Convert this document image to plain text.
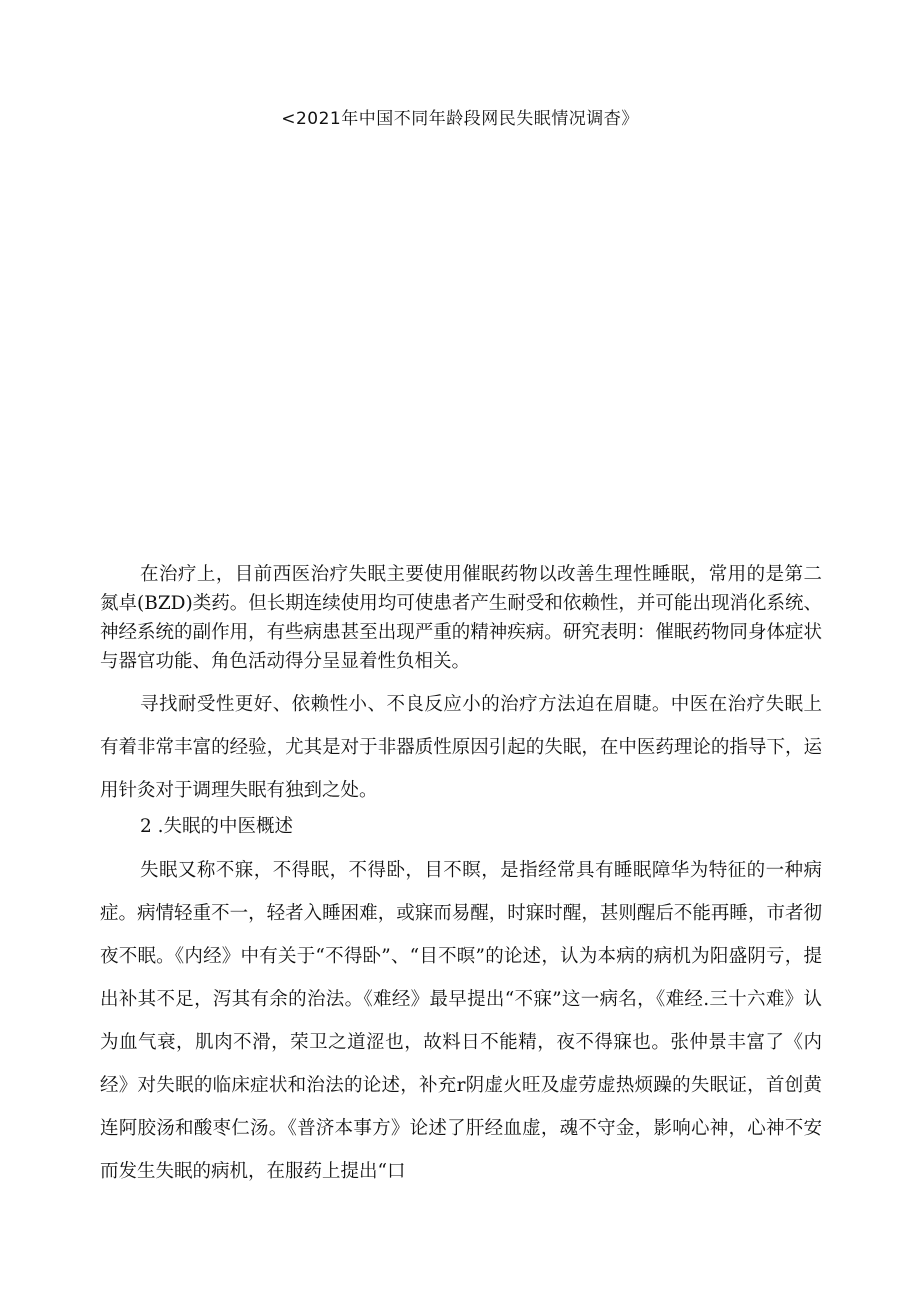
<2021年中国不同年龄段网民失眠情况调杳》

在治疗上，目前西医治疗失眠主要使用催眠药物以改善生理性睡眠，常用的是第二氮卓(BZD)类药。但长期连续使用均可使患者产生耐受和依赖性，并可能出现消化系统、神经系统的副作用，有些病患甚至出现严重的精神疾病。研究表明：催眠药物同身体症状与器官功能、角色活动得分呈显着性负相关。

寻找耐受性更好、依赖性小、不良反应小的治疗方法迫在眉睫。中医在治疗失眠上有着非常丰富的经验，尤其是对于非器质性原因引起的失眠，在中医药理论的指导下，运用针灸对于调理失眠有独到之处。

2 .失眠的中医概述

失眠又称不寐，不得眠，不得卧，目不瞑，是指经常具有睡眠障华为特征的一种病症。病情轻重不一，轻者入睡困难，或寐而易醒，时寐时醒，甚则醒后不能再睡，市者彻夜不眠。《内经》中有关于“不得卧”、“目不暝”的论述，认为本病的病机为阳盛阴亏，提出补其不足，泻其有余的治法。《难经》最早提出“不寐”这一病名，《难经.三十六难》认为血气衰，肌肉不滑，荣卫之道涩也，故料日不能精，夜不得寐也。张仲景丰富了《内经》对失眠的临床症状和治法的论述，补充r阴虚火旺及虚劳虚热烦躁的失眠证，首创黄连阿胶汤和酸枣仁汤。《普济本事方》论述了肝经血虚，魂不守金，影响心神，心神不安而发生失眠的病机，在服药上提出“口
